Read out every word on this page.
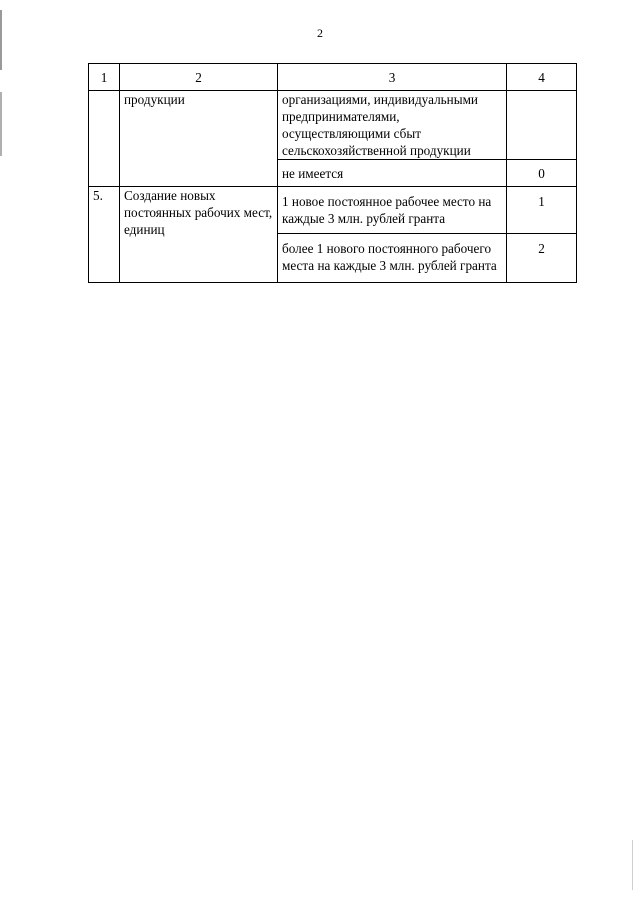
2
1	2	3	4
	продукции	организациями, индивидуальными предпринимателями, осуществляющими сбыт сельскохозяйственной продукции	
		не имеется	0
5.	Создание новых постоянных рабочих мест, единиц	1 новое постоянное рабочее место на каждые 3 млн. рублей гранта	1
		более 1 нового постоянного рабочего места на каждые 3 млн. рублей гранта	2
